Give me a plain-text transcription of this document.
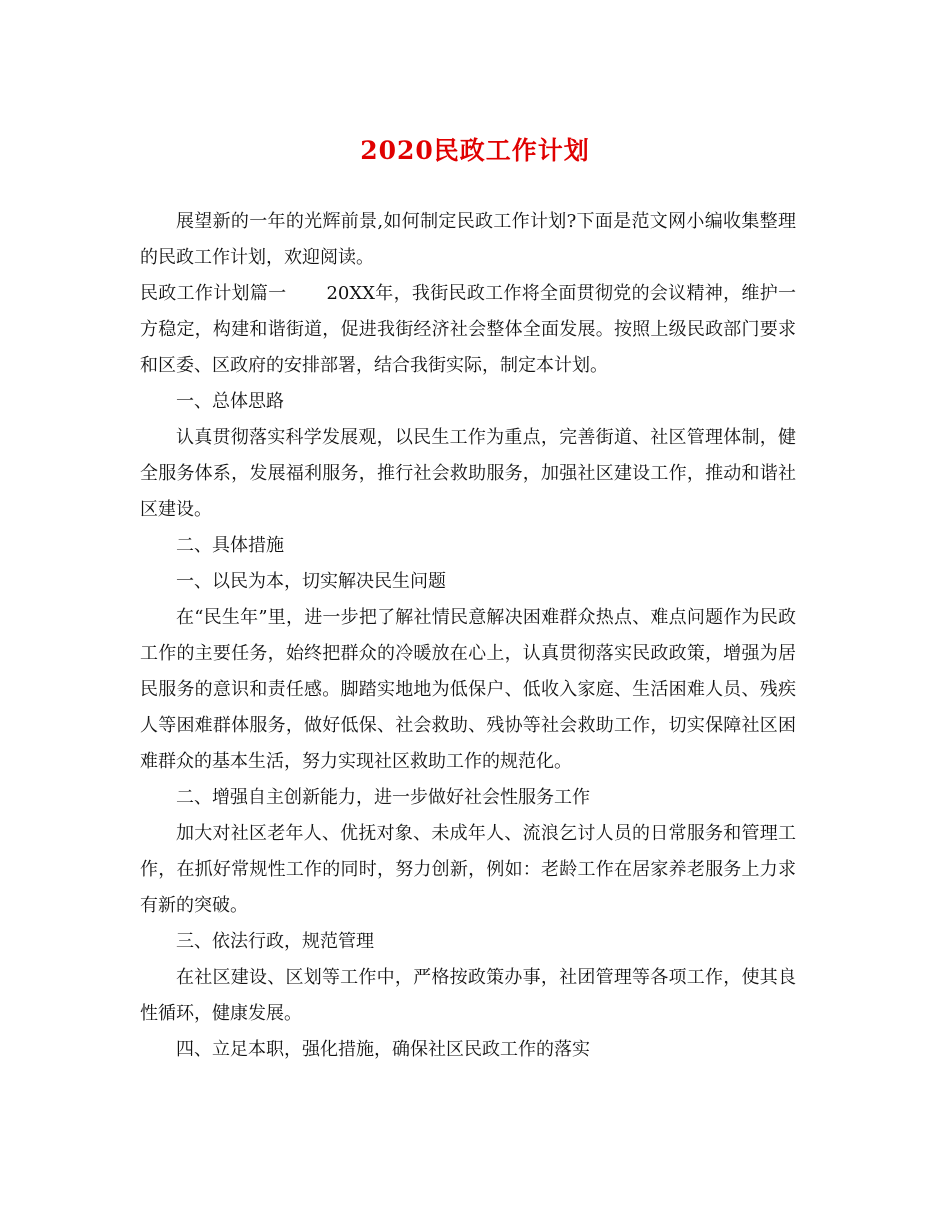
2020民政工作计划

展望新的一年的光辉前景,如何制定民政工作计划?下面是范文网小编收集整理的民政工作计划，欢迎阅读。

民政工作计划篇一 20XX年，我街民政工作将全面贯彻党的会议精神，维护一方稳定，构建和谐街道，促进我街经济社会整体全面发展。按照上级民政部门要求和区委、区政府的安排部署，结合我街实际，制定本计划。

一、总体思路

认真贯彻落实科学发展观，以民生工作为重点，完善街道、社区管理体制，健全服务体系，发展福利服务，推行社会救助服务，加强社区建设工作，推动和谐社区建设。

二、具体措施

一、以民为本，切实解决民生问题

在“民生年”里，进一步把了解社情民意解决困难群众热点、难点问题作为民政工作的主要任务，始终把群众的冷暖放在心上，认真贯彻落实民政政策，增强为居民服务的意识和责任感。脚踏实地地为低保户、低收入家庭、生活困难人员、残疾人等困难群体服务，做好低保、社会救助、残协等社会救助工作，切实保障社区困难群众的基本生活，努力实现社区救助工作的规范化。

二、增强自主创新能力，进一步做好社会性服务工作

加大对社区老年人、优抚对象、未成年人、流浪乞讨人员的日常服务和管理工作，在抓好常规性工作的同时，努力创新，例如：老龄工作在居家养老服务上力求有新的突破。

三、依法行政，规范管理

在社区建设、区划等工作中，严格按政策办事，社团管理等各项工作，使其良性循环，健康发展。

四、立足本职，强化措施，确保社区民政工作的落实
